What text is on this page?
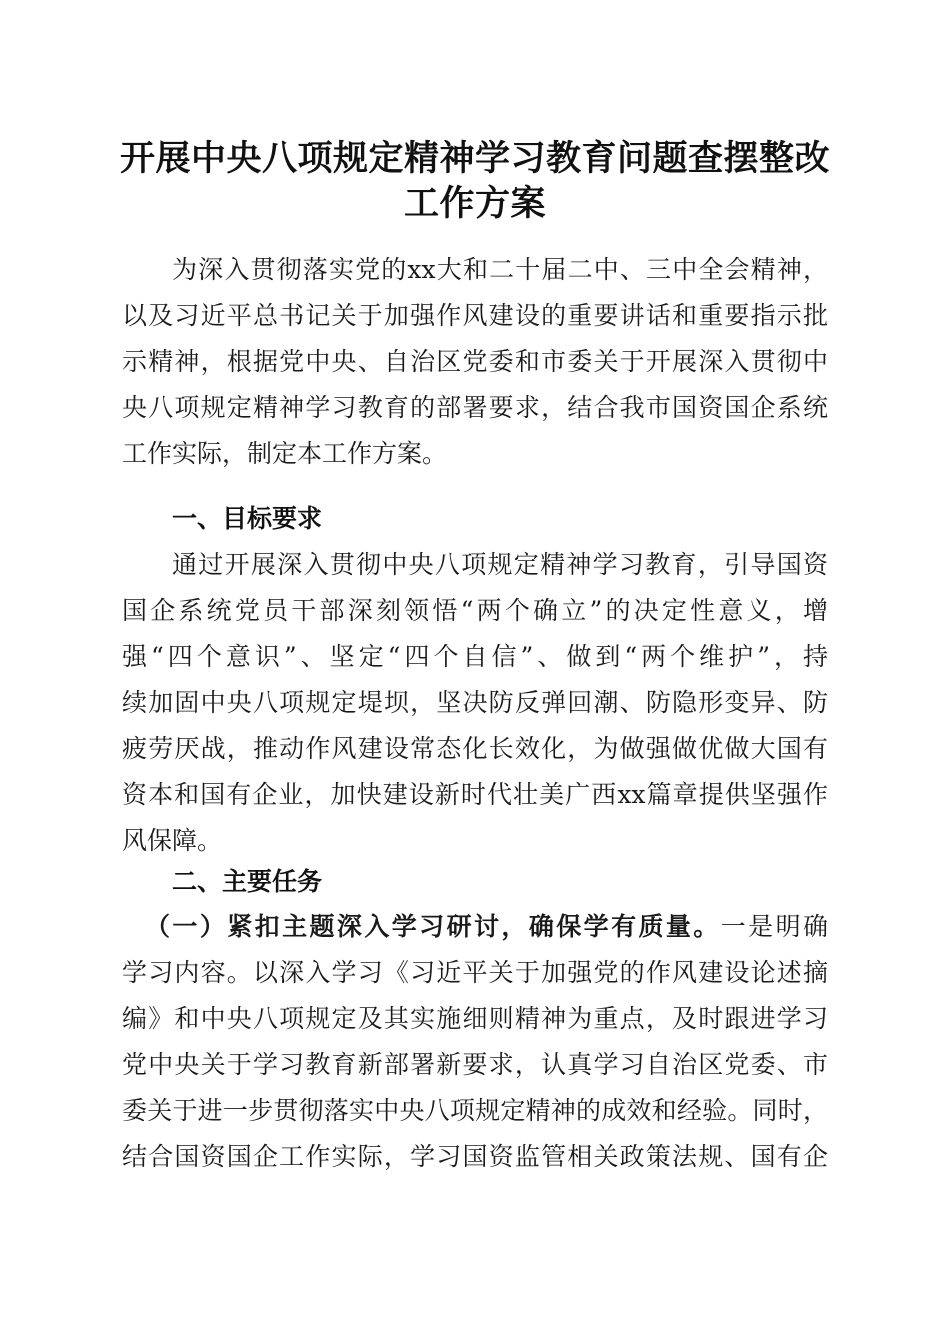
开展中央八项规定精神学习教育问题查摆整改
工作方案
为深入贯彻落实党的xx大和二十届二中、三中全会精神，
以及习近平总书记关于加强作风建设的重要讲话和重要指示批
示精神，根据党中央、自治区党委和市委关于开展深入贯彻中
央八项规定精神学习教育的部署要求，结合我市国资国企系统
工作实际，制定本工作方案。
一、目标要求
通过开展深入贯彻中央八项规定精神学习教育，引导国资
国企系统党员干部深刻领悟“两个确立”的决定性意义，增
强“四个意识”、坚定“四个自信”、做到“两个维护”，持
续加固中央八项规定堤坝，坚决防反弹回潮、防隐形变异、防
疲劳厌战，推动作风建设常态化长效化，为做强做优做大国有
资本和国有企业，加快建设新时代壮美广西xx篇章提供坚强作
风保障。
二、主要任务
（一）紧扣主题深入学习研讨，确保学有质量。一是明确
学习内容。以深入学习《习近平关于加强党的作风建设论述摘
编》和中央八项规定及其实施细则精神为重点，及时跟进学习
党中央关于学习教育新部署新要求，认真学习自治区党委、市
委关于进一步贯彻落实中央八项规定精神的成效和经验。同时，
结合国资国企工作实际，学习国资监管相关政策法规、国有企
